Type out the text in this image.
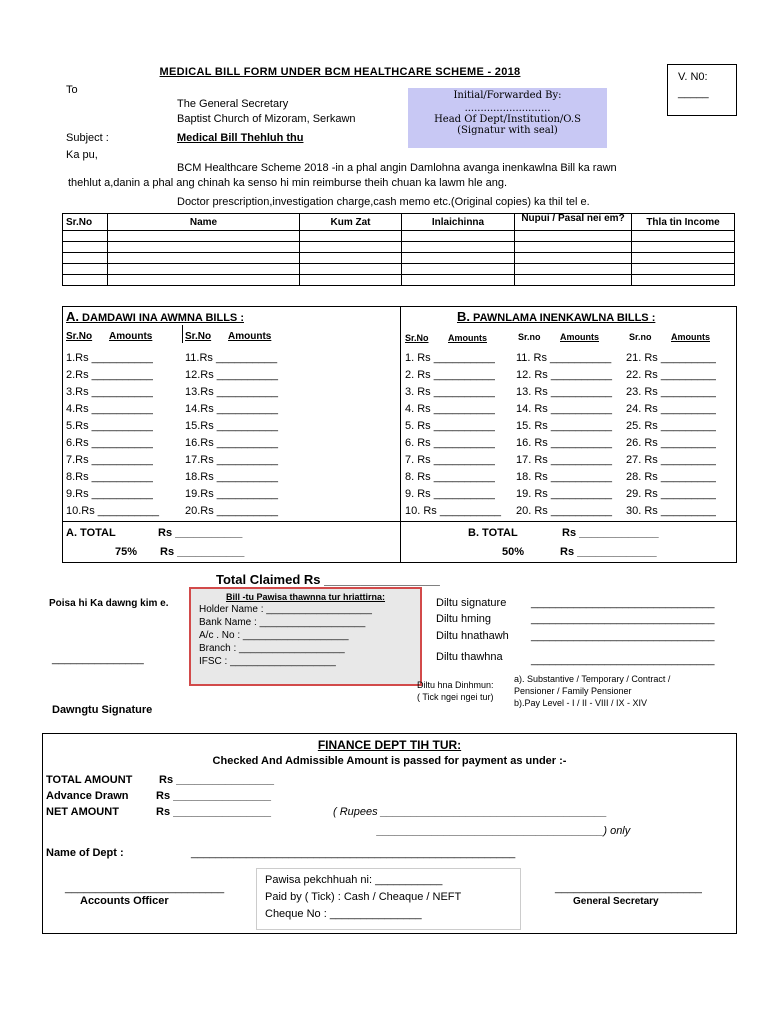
MEDICAL BILL FORM UNDER BCM HEALTHCARE SCHEME - 2018	V. N0:
_____
To
The General Secretary
Baptist Church of Mizoram, Serkawn
Initial/Forwarded By:
...........................
Head Of Dept/Institution/O.S
(Signatur with seal)
Subject :	Medical Bill Thehluh thu
Ka pu,
BCM Healthcare Scheme 2018 -in a phal angin Damlohna avanga inenkawlna Bill ka rawn
thehlut a,danin a phal ang chinah ka senso hi min reimburse theih chuan ka lawm hle ang.
Doctor prescription,investigation charge,cash memo etc.(Original copies) ka thil tel e.
Sr.No	Name	Kum Zat	Inlaichinna	Nupui / Pasal nei em?	Thla tin Income

A. DAMDAWI INA AWMNA BILLS :
Sr.No Amounts	Sr.No Amounts
1.Rs __________
2.Rs __________
3.Rs __________
4.Rs __________
5.Rs __________
6.Rs __________
7.Rs __________
8.Rs __________
9.Rs __________
10.Rs __________
11.Rs __________
12.Rs __________
13.Rs __________
14.Rs __________
15.Rs __________
16.Rs __________
17.Rs __________
18.Rs __________
19.Rs __________
20.Rs __________
A. TOTAL	Rs ___________
75% Rs ___________
B. PAWNLAMA INENKAWLNA BILLS :
Sr.No Amounts	Sr.no Amounts	Sr.no Amounts
1. Rs __________
2. Rs __________
3. Rs __________
4. Rs __________
5. Rs __________
6. Rs __________
7. Rs __________
8. Rs __________
9. Rs __________
10. Rs __________
11. Rs __________
12. Rs __________
13. Rs __________
14. Rs __________
15. Rs __________
16. Rs __________
17. Rs __________
18. Rs __________
19. Rs __________
20. Rs __________
21. Rs _________
22. Rs _________
23. Rs _________
24. Rs _________
25. Rs _________
26. Rs _________
27. Rs _________
28. Rs _________
29. Rs _________
30. Rs _________
B. TOTAL	Rs _____________
50%	Rs _____________
Total Claimed Rs ________________
Poisa hi Ka dawng kim e.
_______________
Dawngtu Signature
Bill -tu Pawisa thawnna tur hriattirna:
Holder Name : ___________________
Bank Name : ___________________
A/c . No : ___________________
Branch : ___________________
IFSC : ___________________
Diltu signature	______________________________
Diltu hming	______________________________
Diltu hnathawh	______________________________
Diltu thawhna	______________________________
Diltu hna Dinhmun:
( Tick ngei ngei tur)
a). Substantive / Temporary / Contract /
Pensioner / Family Pensioner
b).Pay Level - I / II - VIII / IX - XIV
FINANCE DEPT TIH TUR:
Checked And Admissible Amount is passed for payment as under :-
TOTAL AMOUNT Rs ________________
Advance Drawn Rs ________________
NET AMOUNT	Rs ________________	( Rupees _____________________________________
_____________________________________) only
Name of Dept :	_____________________________________________________
__________________________
Accounts Officer
________________________
General Secretary
Pawisa pekchhuah ni: ___________
Paid by ( Tick) : Cash / Cheaque / NEFT
Cheque No : _______________
